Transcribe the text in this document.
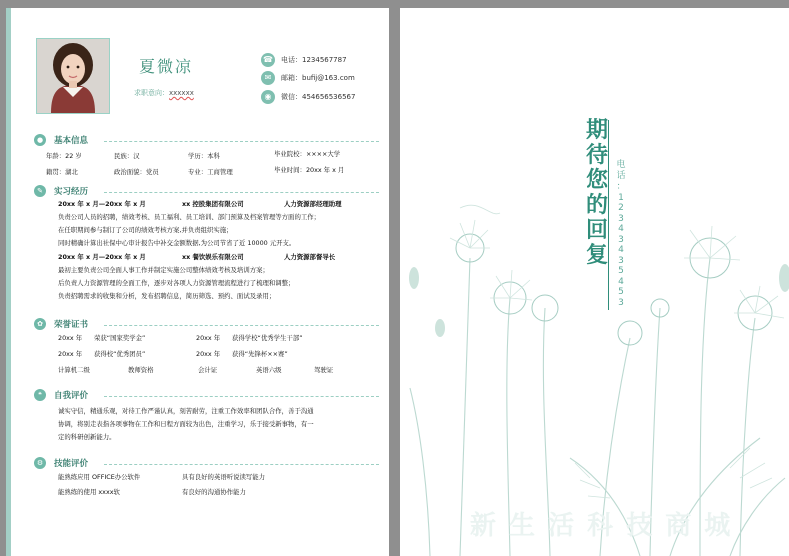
夏微凉
求职意向：xxxxxx
☎ 电话：1234567787
✉ 邮箱：bufij@163.com
◉ 微信：454656536567
●	基本信息
年龄：22 岁	民族：汉	学历：本科	毕业院校：××××大学
籍贯：湖北	政治面貌：党员	专业：工商管理	毕业时间：20xx 年 x 月
✎	实习经历
20xx 年 x 月—20xx 年 x 月	xx 控股集团有限公司	人力资源部经理助理
负责公司人员的招聘，绩效考核、员工福利、员工培训、部门预算及档案管理等方面的工作；
在任职期间参与制订了公司的绩效考核方案,并负责组织实施；
同时精确计算出社保中心审计报告中补交金额数据,为公司节省了近 10000 元开支。
20xx 年 x 月—20xx 年 x 月	xx 餐饮娱乐有限公司	人力资源部督导长
最初主要负责公司全面人事工作并制定实施公司整体绩效考核及培训方案；
后负责人力资源管理的全面工作，逐步对各项人力资源管理流程进行了梳理和调整；
负责招聘需求的收集和分析，发布招聘信息，简历筛选、预约、面试及录用；
✿	荣誉证书
20xx 年 荣获“国家奖学金”	20xx 年 获得学校“优秀学生干部”
20xx 年 获得校“优秀团员”	20xx 年 获得“先锋杯××赛”
计算机二级	教师资格	会计证	英语六级	驾驶证
❝	自我评价
诚实守信，精通乐观，对待工作严谨认真，刻苦耐劳，注重工作效率和团队合作，善于沟通
协调，将别走表指各项事物在工作和日程方面较为出色，注重学习，乐于接受新事物，有一
定的科研创新能力。
⚙	技能评价
能熟练应用 OFFICE办公软件	具有良好的英语听说读写能力
能熟练的使用 xxxx软	有良好的沟通协作能力
期
待
您
的
回
复
电话
：
1
2
3
4
3
4
3
5
4
5
3
新 生 活 科 技 商 城
